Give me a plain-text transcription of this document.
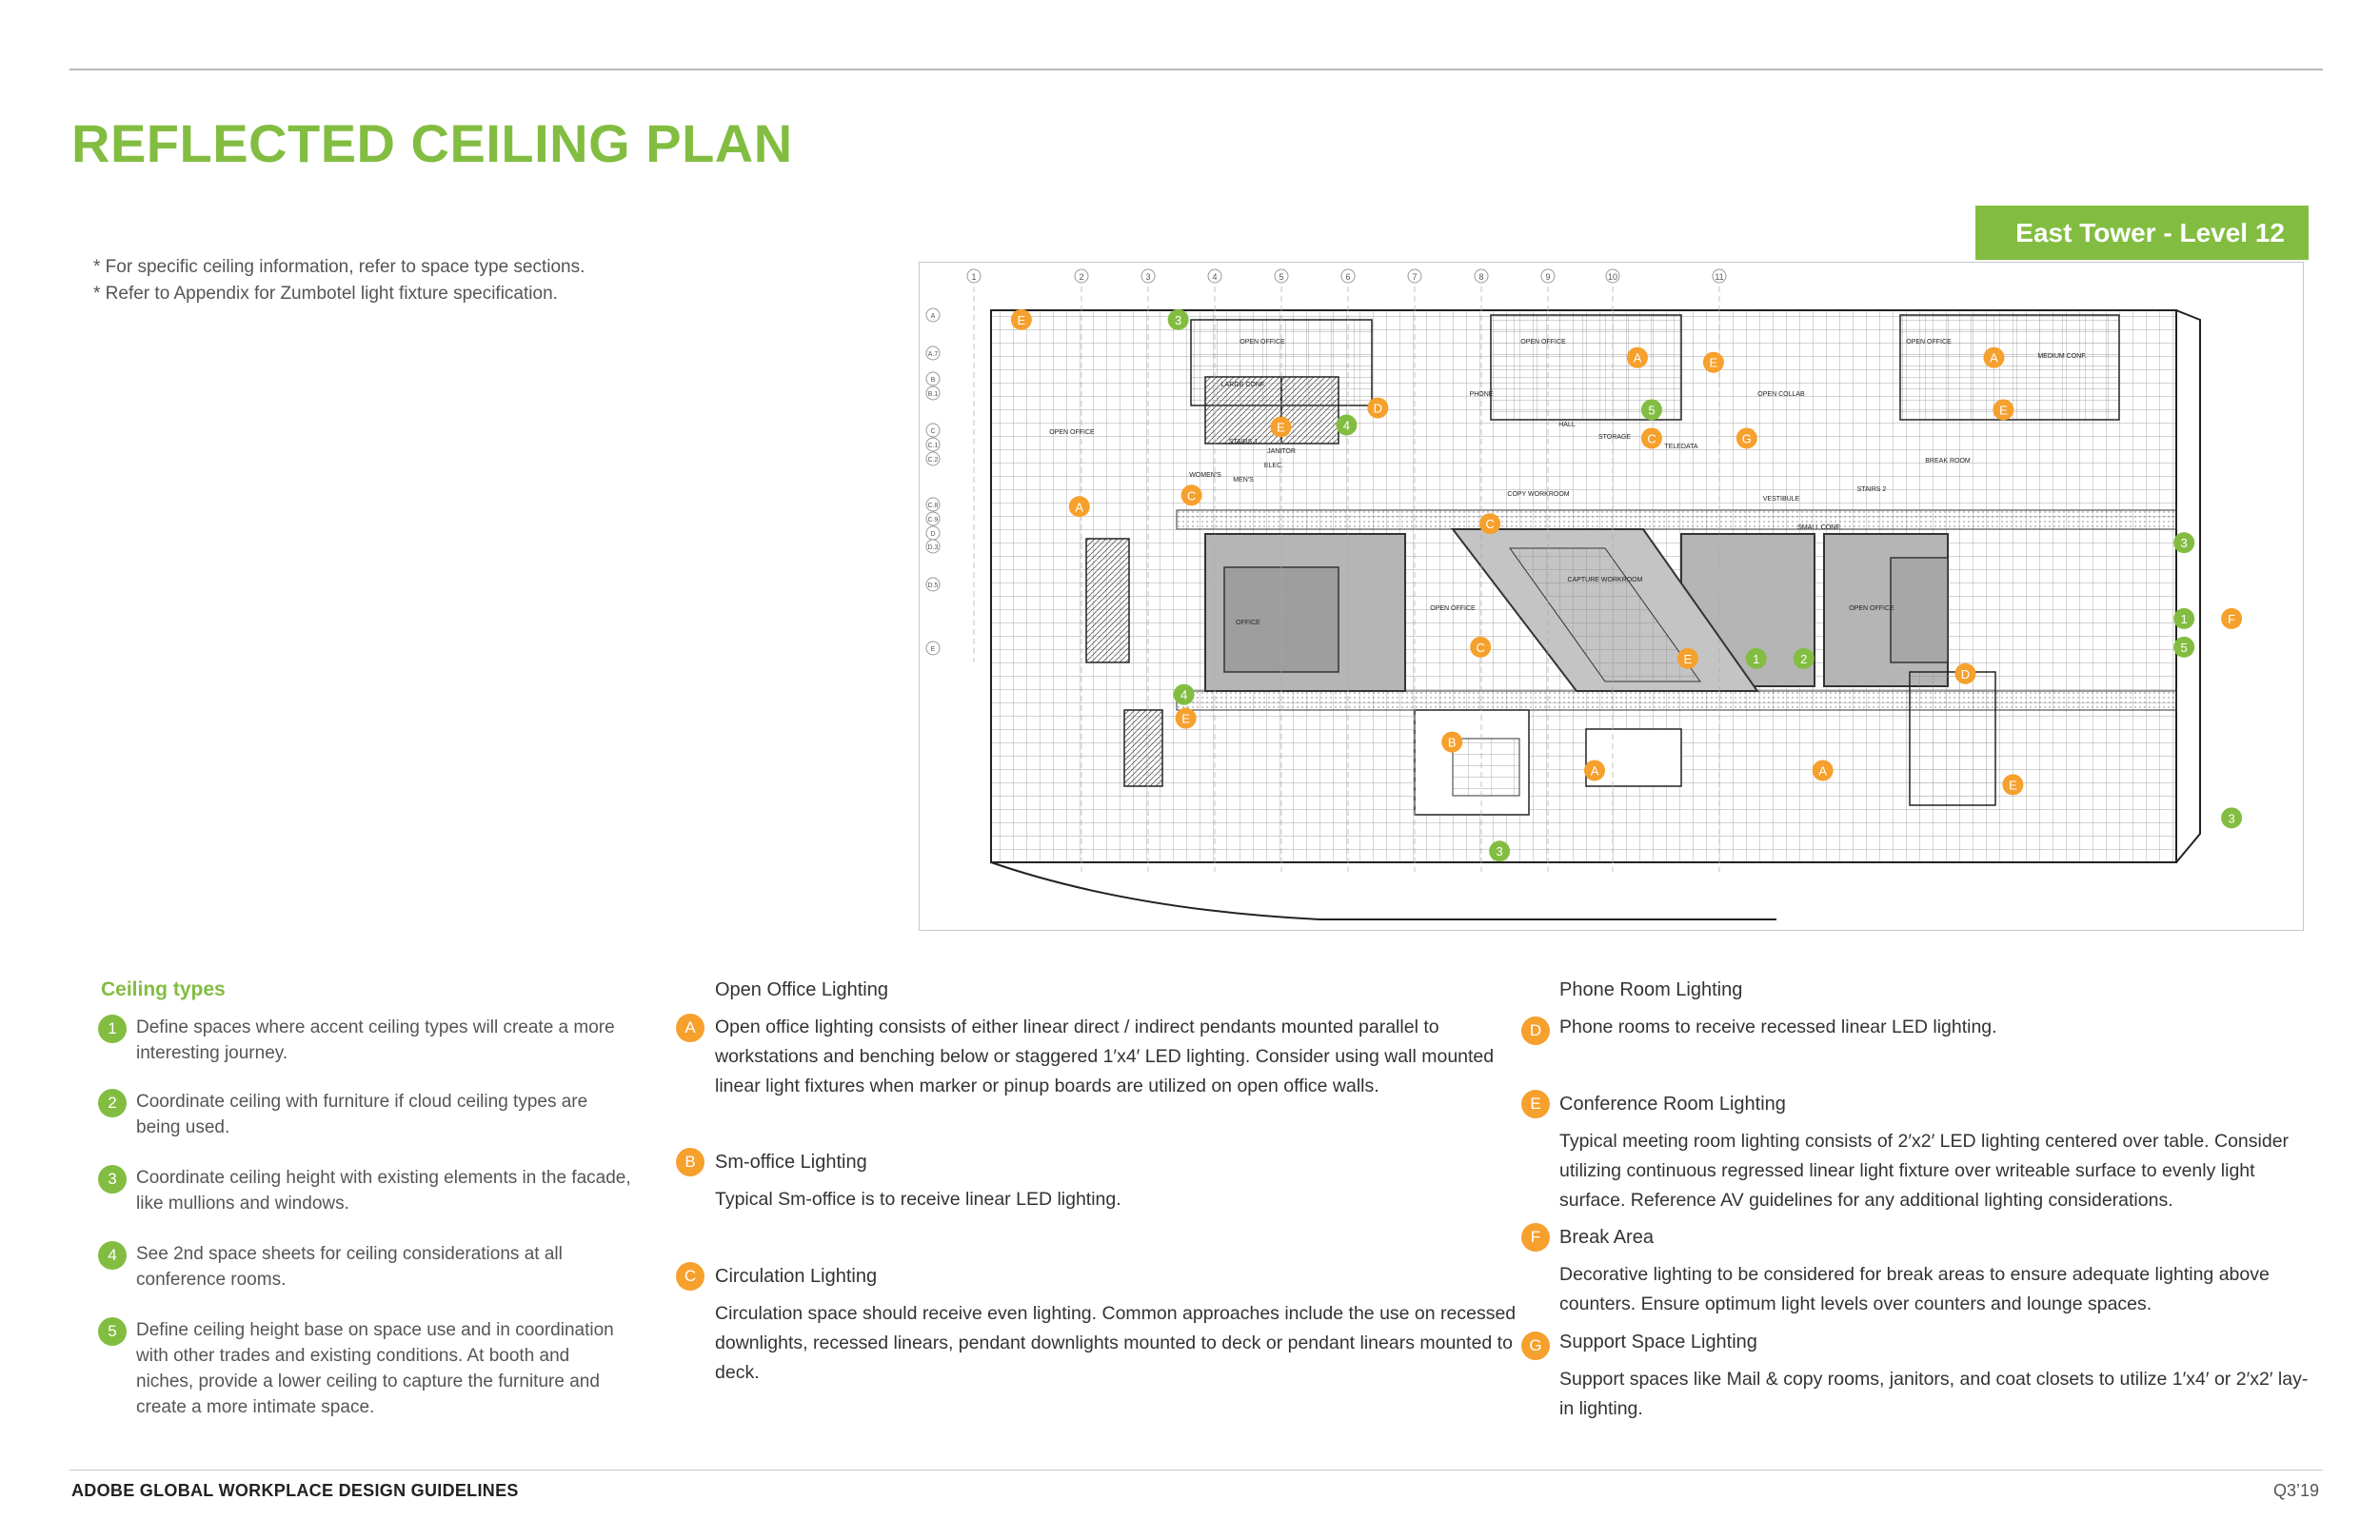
REFLECTED CEILING PLAN
* For specific ceiling information, refer to space type sections.
* Refer to Appendix for Zumbotel light fixture specification.
East Tower - Level 12
1	2	3	4	5	6	7	8	9	10	11
A
A.7
B
B.1
C
C.1
C.2
C.8
C.9
D
D.3
D.5
E
OPEN OFFICE	OPEN OFFICE	OPEN OFFICE
OPEN OFFICE
OPEN OFFICE	OPEN OFFICE
LARGE CONF.
PHONE
HALL
STAIRS 1
STAIRS 2
WOMEN'S
MEN'S
JANITOR
ELEC.
STORAGE
TELEDATA
BREAK ROOM
CAPTURE WORKROOM
VESTIBULE
SMALL CONF.
MEDIUM CONF.
OPEN COLLAB
COPY WORKROOM
OFFICE
E	3
E	4
D
A	E	A
5	E
C
A
C
G
C
3
1	F
5
C
E	1	2
D
4
E
B
A	A
E
3
3
Ceiling types
1	Define spaces where accent ceiling types will create a more interesting journey.
2	Coordinate ceiling with furniture if cloud ceiling types are being used.
3	Coordinate ceiling height with existing elements in the facade, like mullions and windows.
4	See 2nd space sheets for ceiling considerations at all conference rooms.
5	Define ceiling height base on space use and in coordination with other trades and existing conditions. At booth and niches, provide a lower ceiling to capture the furniture and create a more intimate space.
Open Office Lighting
A	Open office lighting consists of either linear direct / indirect pendants mounted parallel to workstations and benching below or staggered 1′x4′ LED lighting. Consider using wall mounted linear light fixtures when marker or pinup boards are utilized on open office walls.
Sm-office Lighting
B
Typical Sm-office is to receive linear LED lighting.
Circulation Lighting
C
Circulation space should receive even lighting. Common approaches include the use on recessed downlights, recessed linears, pendant downlights mounted to deck or pendant linears mounted to deck.
Phone Room Lighting
D Phone rooms to receive recessed linear LED lighting.
Conference Room Lighting
E
Typical meeting room lighting consists of 2′x2′ LED lighting centered over table. Consider utilizing continuous regressed linear light fixture over writeable surface to evenly light surface. Reference AV guidelines for any additional lighting considerations.
Break Area
F
Decorative lighting to be considered for break areas to ensure adequate lighting above counters. Ensure optimum light levels over counters and lounge spaces.
Support Space Lighting
G
Support spaces like Mail & copy rooms, janitors, and coat closets to utilize 1′x4′ or 2′x2′ lay-in lighting.
ADOBE GLOBAL WORKPLACE DESIGN GUIDELINES	Q3’19
